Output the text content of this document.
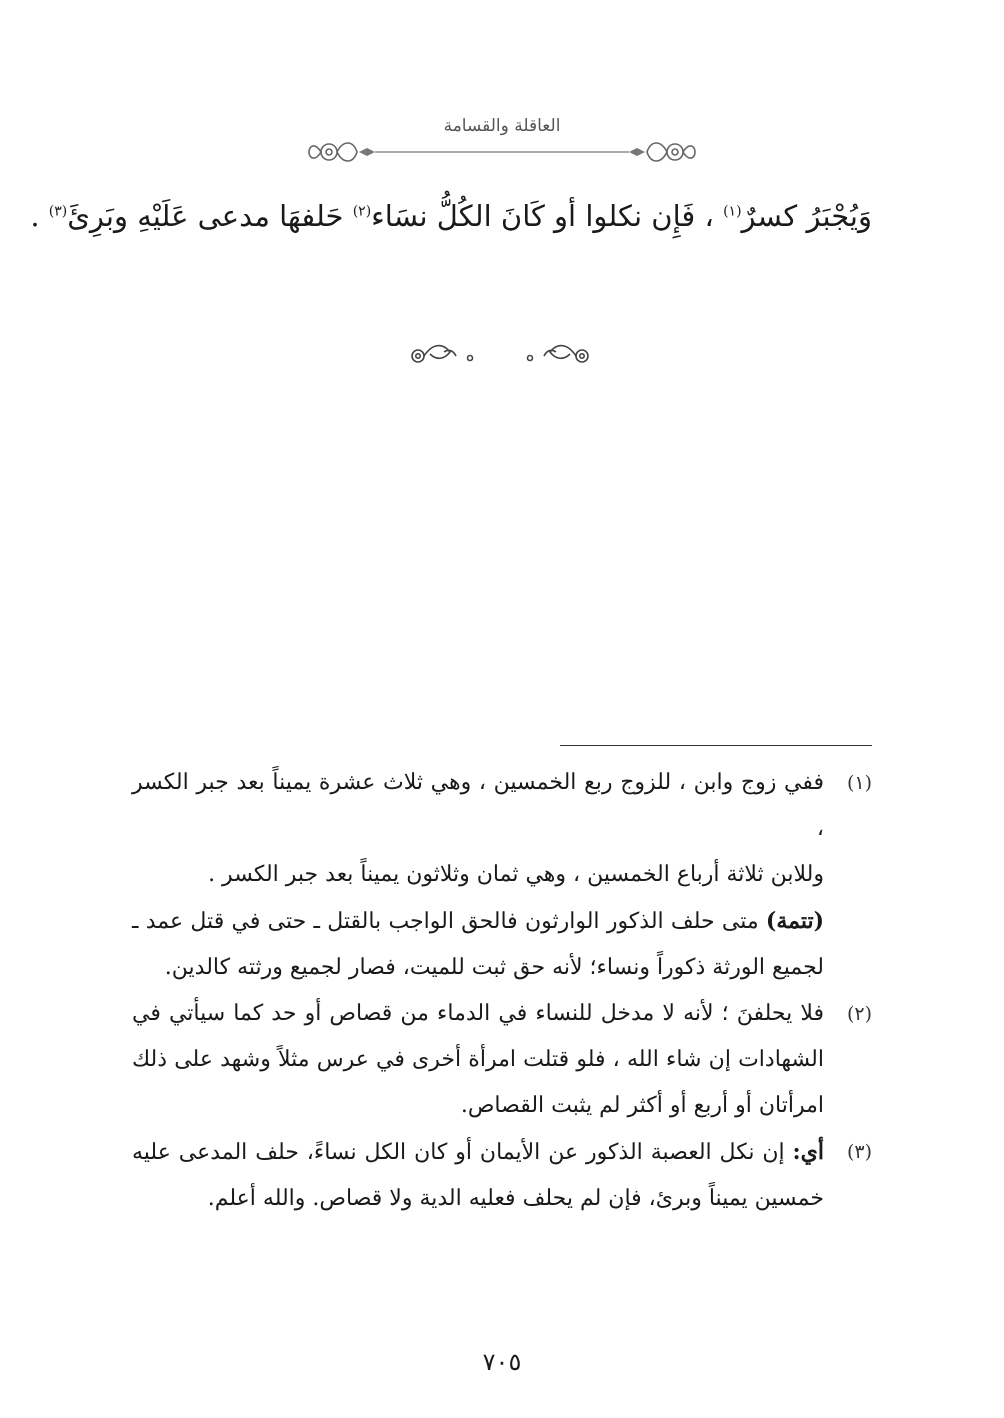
العاقلة والقسامة
وَيُجْبَرُ كسرٌ$^{(١)}$ ، فَإِن نكلوا أو كَانَ الكُلُّ نسَاء$^{(٢)}$ حَلفهَا مدعى عَلَيْهِ وبَرِئَ$^{(٣)}$ .
(١)
ففي زوج وابن ، للزوج ربع الخمسين ، وهي ثلاث عشرة يميناً بعد جبر الكسر ،
وللابن ثلاثة أرباع الخمسين ، وهي ثمان وثلاثون يميناً بعد جبر الكسر .
(تتمة) متى حلف الذكور الوارثون فالحق الواجب بالقتل ـ حتى في قتل عمد ـ لجميع الورثة ذكوراً ونساء؛ لأنه حق ثبت للميت، فصار لجميع ورثته كالدين.
(٢)
فلا يحلفنَ ؛ لأنه لا مدخل للنساء في الدماء من قصاص أو حد كما سيأتي في الشهادات إن شاء الله ، فلو قتلت امرأة أخرى في عرس مثلاً وشهد على ذلك امرأتان أو أربع أو أكثر لم يثبت القصاص.
(٣)
أي: إن نكل العصبة الذكور عن الأيمان أو كان الكل نساءً، حلف المدعى عليه خمسين يميناً وبرئ، فإن لم يحلف فعليه الدية ولا قصاص. والله أعلم.
٧٠٥
